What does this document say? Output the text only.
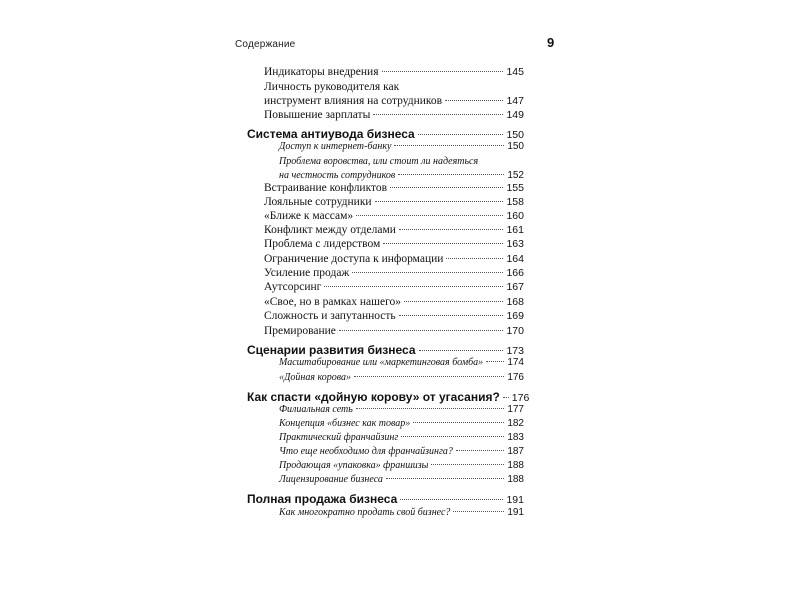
Содержание	9
Индикаторы внедрения	145
Личность руководителя как
инструмент влияния на сотрудников	147
Повышение зарплаты	149
Система антиувода бизнеса	150
Доступ к интернет-банку	150
Проблема воровства, или стоит ли надеяться
на честность сотрудников	152
Встраивание конфликтов	155
Лояльные сотрудники	158
«Ближе к массам»	160
Конфликт между отделами	161
Проблема с лидерством	163
Ограничение доступа к информации	164
Усиление продаж	166
Аутсорсинг	167
«Свое, но в рамках нашего»	168
Сложность и запутанность	169
Премирование	170
Сценарии развития бизнеса	173
Масштабирование или «маркетинговая бомба» 174
«Дойная корова»	176
Как спасти «дойную корову» от угасания? 176
Филиальная сеть	177
Концепция «бизнес как товар»	182
Практический франчайзинг	183
Что еще необходимо для франчайзинга?	187
Продающая «упаковка» франшизы	188
Лицензирование бизнеса	188
Полная продажа бизнеса	191
Как многократно продать свой бизнес?	191
